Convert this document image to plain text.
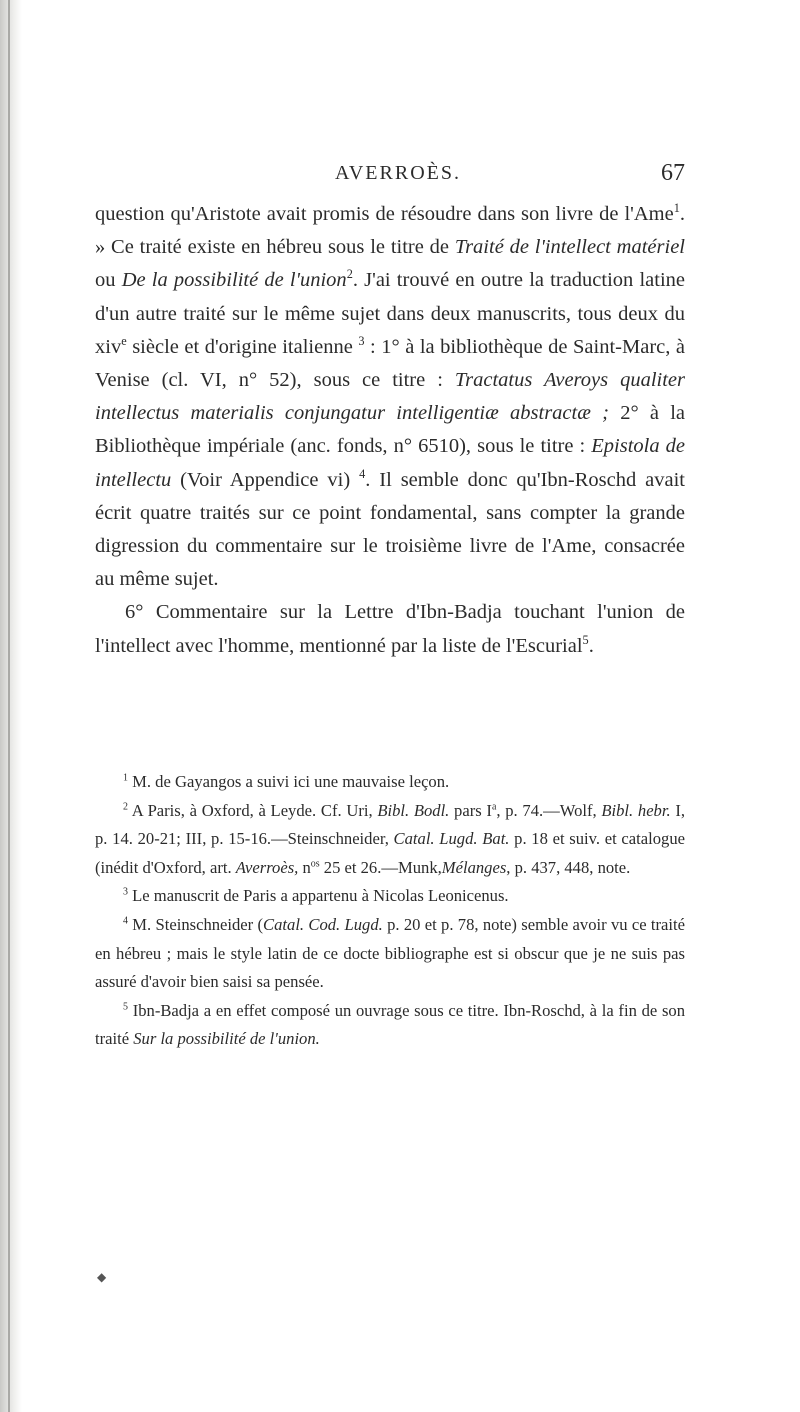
AVERROÈS.	67

question qu'Aristote avait promis de résoudre dans son livre de l'Ame$^1$. » Ce traité existe en hébreu sous le titre de Traité de l'intellect matériel ou De la possibilité de l'union$^2$. J'ai trouvé en outre la traduction latine d'un autre traité sur le même sujet dans deux manuscrits, tous deux du xiv$^e$ siècle et d'origine italienne $^3$ : 1° à la bibliothèque de Saint-Marc, à Venise (cl. VI, n° 52), sous ce titre : Tractatus Averoys qualiter intellectus materialis conjungatur intelligentiæ abstractæ ; 2° à la Bibliothèque impériale (anc. fonds, n° 6510), sous le titre : Epistola de intellectu (Voir Appendice vi) $^4$. Il semble donc qu'Ibn-Roschd avait écrit quatre traités sur ce point fondamental, sans compter la grande digression du commentaire sur le troisième livre de l'Ame, consacrée au même sujet.

6° Commentaire sur la Lettre d'Ibn-Badja touchant l'union de l'intellect avec l'homme, mentionné par la liste de l'Escurial$^5$.

$^1$ M. de Gayangos a suivi ici une mauvaise leçon.

$^2$ A Paris, à Oxford, à Leyde. Cf. Uri, Bibl. Bodl. pars $I^a$, p. 74.—Wolf, Bibl. hebr. I, p. 14. 20-21; III, p. 15-16.—Steinschneider, Catal. Lugd. Bat. p. 18 et suiv. et catalogue (inédit d'Oxford, art. Averroès, $n^{os}$ 25 et 26.—Munk,Mélanges, p. 437, 448, note.

$^3$ Le manuscrit de Paris a appartenu à Nicolas Leonicenus.

$^4$ M. Steinschneider (Catal. Cod. Lugd. p. 20 et p. 78, note) semble avoir vu ce traité en hébreu ; mais le style latin de ce docte bibliographe est si obscur que je ne suis pas assuré d'avoir bien saisi sa pensée.

$^5$ Ibn-Badja a en effet composé un ouvrage sous ce titre. Ibn-Roschd, à la fin de son traité Sur la possibilité de l'union.

◆
